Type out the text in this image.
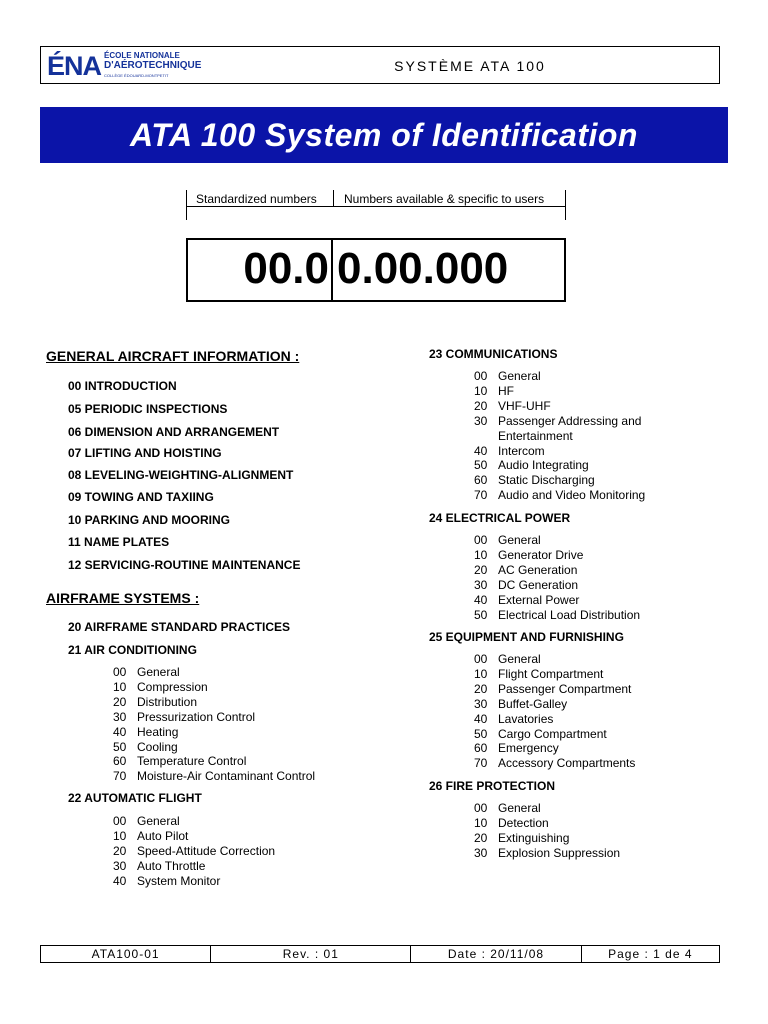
ÉNA ÉCOLE NATIONALE
D'AÉROTECHNIQUE
COLLÈGE ÉDOUARD-MONTPETIT
SYSTÈME ATA 100
ATA 100 System of Identification
Standardized numbers Numbers available & specific to users
00.0 0.00.000
GENERAL AIRCRAFT INFORMATION :
00 INTRODUCTION
05 PERIODIC INSPECTIONS
06 DIMENSION AND ARRANGEMENT
07 LIFTING AND HOISTING
08 LEVELING-WEIGHTING-ALIGNMENT
09 TOWING AND TAXIING
10 PARKING AND MOORING
11 NAME PLATES
12 SERVICING-ROUTINE MAINTENANCE
AIRFRAME SYSTEMS :
20 AIRFRAME STANDARD PRACTICES
21 AIR CONDITIONING
00 General
10 Compression
20 Distribution
30 Pressurization Control
40 Heating
50 Cooling
60 Temperature Control
70 Moisture-Air Contaminant Control
22 AUTOMATIC FLIGHT
00 General
10 Auto Pilot
20 Speed-Attitude Correction
30 Auto Throttle
40 System Monitor
23 COMMUNICATIONS
00 General
10 HF
20 VHF-UHF
30 Passenger Addressing and
Entertainment
40 Intercom
50 Audio Integrating
60 Static Discharging
70 Audio and Video Monitoring
24 ELECTRICAL POWER
00 General
10 Generator Drive
20 AC Generation
30 DC Generation
40 External Power
50 Electrical Load Distribution
25 EQUIPMENT AND FURNISHING
00 General
10 Flight Compartment
20 Passenger Compartment
30 Buffet-Galley
40 Lavatories
50 Cargo Compartment
60 Emergency
70 Accessory Compartments
26 FIRE PROTECTION
00 General
10 Detection
20 Extinguishing
30 Explosion Suppression
ATA100-01	Rev. : 01	Date : 20/11/08	Page : 1 de 4
